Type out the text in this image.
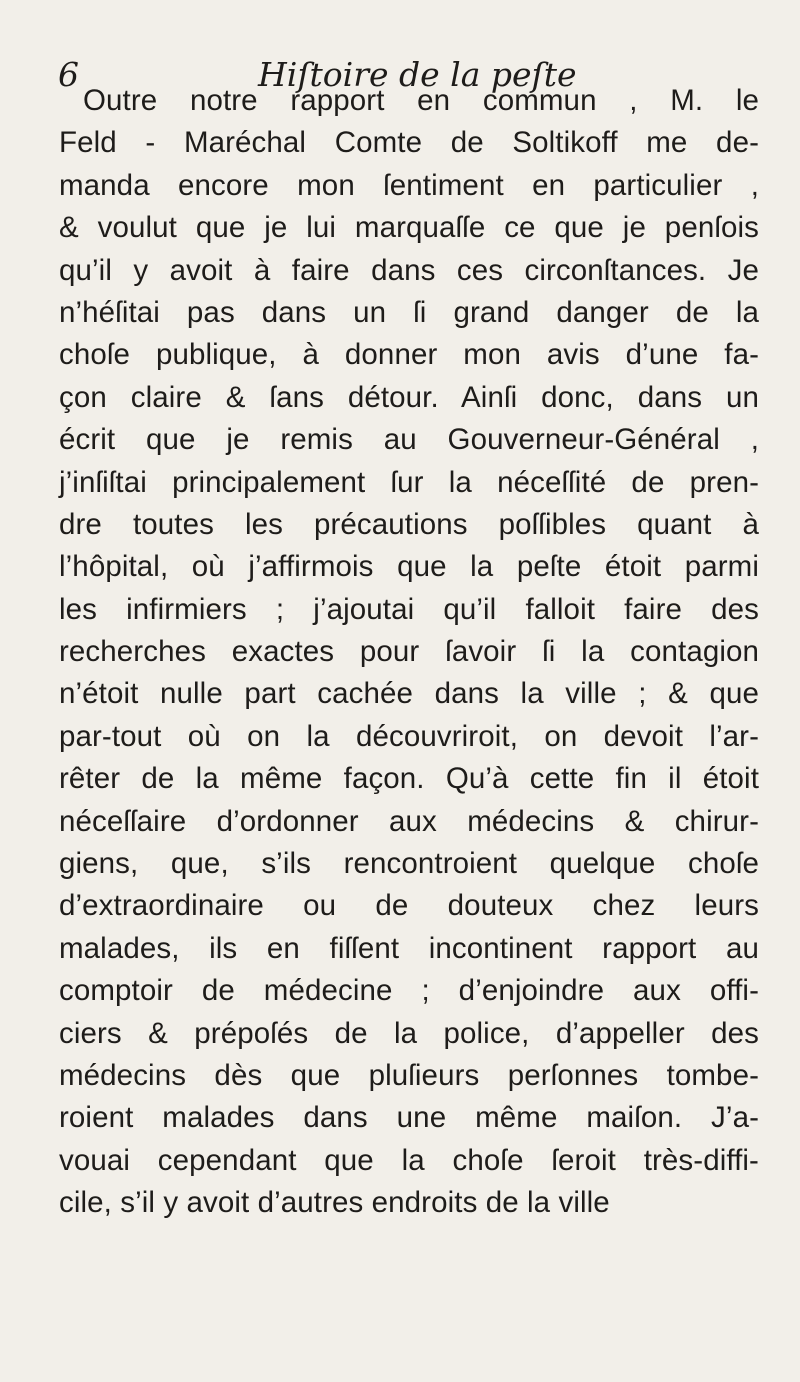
6	Hiſtoire de la peſte
Outre notre rapport en commun , M. le
Feld - Maréchal Comte de Soltikoff me de-
manda encore mon ſentiment en particulier ,
& voulut que je lui marquaſſe ce que je penſois
qu’il y avoit à faire dans ces circonſtances. Je
n’héſitai pas dans un ſi grand danger de la
choſe publique, à donner mon avis d’une fa-
çon claire & ſans détour. Ainſi donc, dans un
écrit que je remis au Gouverneur-Général ,
j’inſiſtai principalement ſur la néceſſité de pren-
dre toutes les précautions poſſibles quant à
l’hôpital, où j’affirmois que la peſte étoit parmi
les infirmiers ; j’ajoutai qu’il falloit faire des
recherches exactes pour ſavoir ſi la contagion
n’étoit nulle part cachée dans la ville ; & que
par-tout où on la découvriroit, on devoit l’ar-
rêter de la même façon. Qu’à cette fin il étoit
néceſſaire d’ordonner aux médecins & chirur-
giens, que, s’ils rencontroient quelque choſe
d’extraordinaire ou de douteux chez leurs
malades, ils en fiſſent incontinent rapport au
comptoir de médecine ; d’enjoindre aux offi-
ciers & prépoſés de la police, d’appeller des
médecins dès que pluſieurs perſonnes tombe-
roient malades dans une même maiſon. J’a-
vouai cependant que la choſe ſeroit très-diffi-
cile, s’il y avoit d’autres endroits de la ville
